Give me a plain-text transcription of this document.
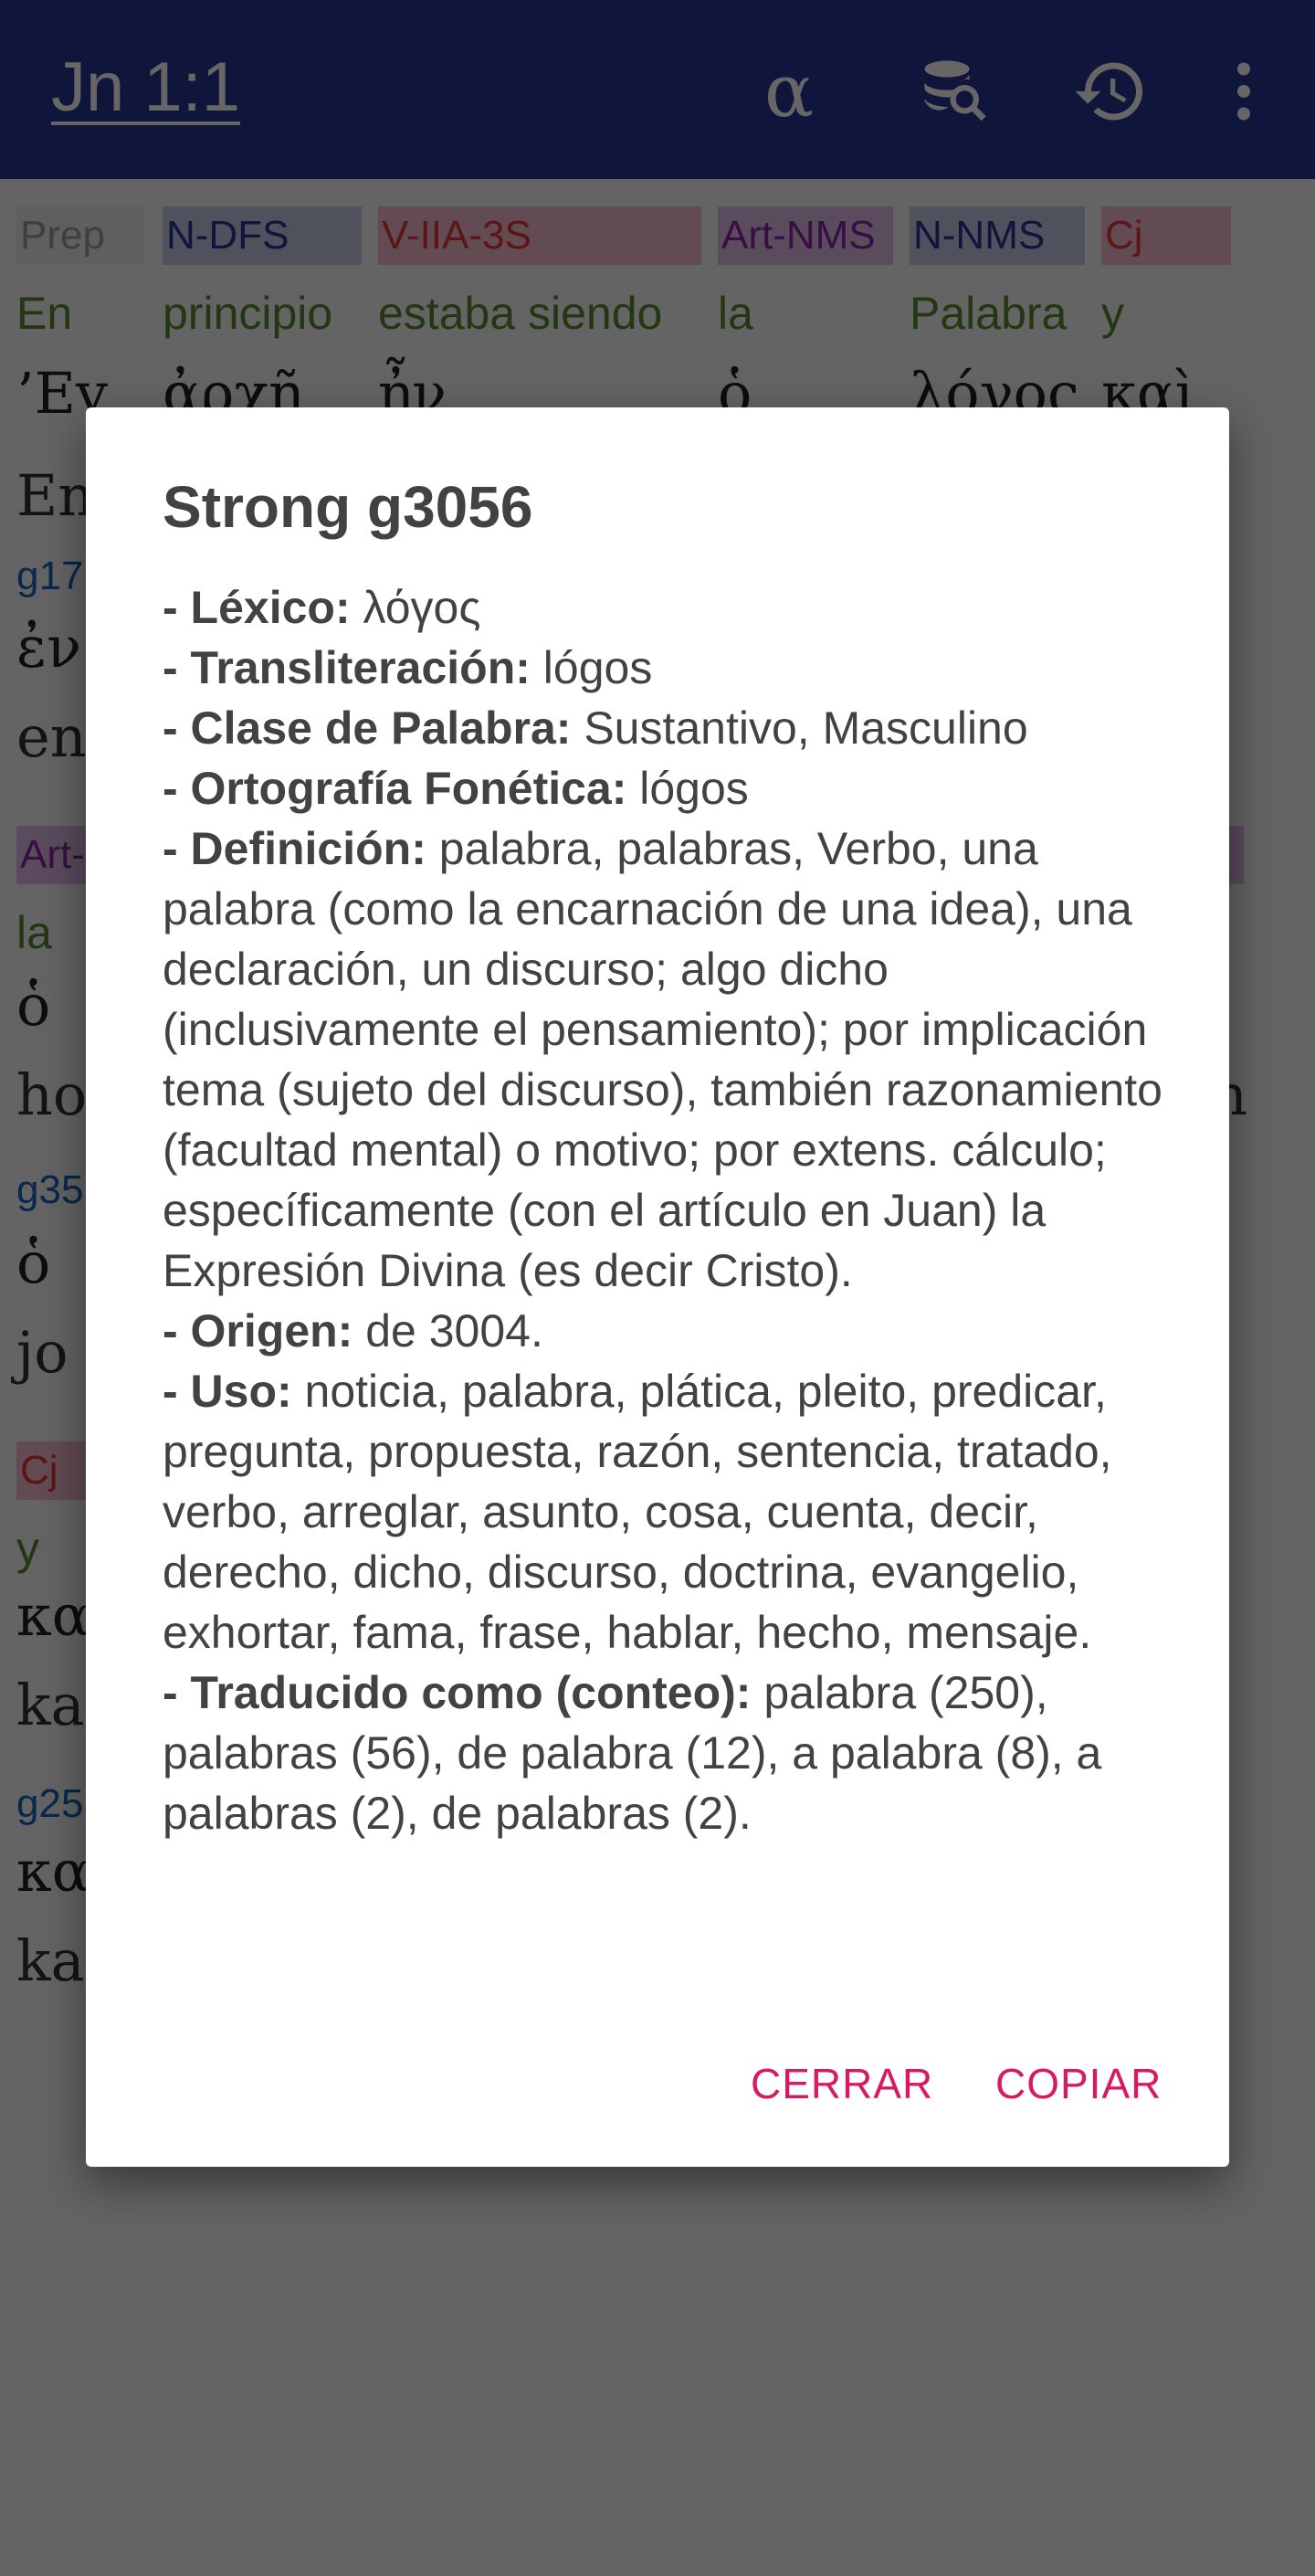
Strong g3056

- Léxico: λόγος

- Transliteración: lógos

- Clase de Palabra: Sustantivo, Masculino

- Ortografía Fonética: lógos

- Definición: palabra, palabras, Verbo, una palabra (como la encarnación de una idea), una declaración, un discurso; algo dicho (inclusivamente el pensamiento); por implicación tema (sujeto del discurso), también razonamiento (facultad mental) o motivo; por extens. cálculo; específicamente (con el artículo en Juan) la Expresión Divina (es decir Cristo).

- Origen: de 3004.

- Uso: noticia, palabra, plática, pleito, predicar, pregunta, propuesta, razón, sentencia, tratado, verbo, arreglar, asunto, cosa, cuenta, decir, derecho, dicho, discurso, doctrina, evangelio, exhortar, fama, frase, hablar, hecho, mensaje.

- Traducido como (conteo): palabra (250), palabras (56), de palabra (12), a palabra (8), a palabras (2), de palabras (2).

CERRAR COPIAR
